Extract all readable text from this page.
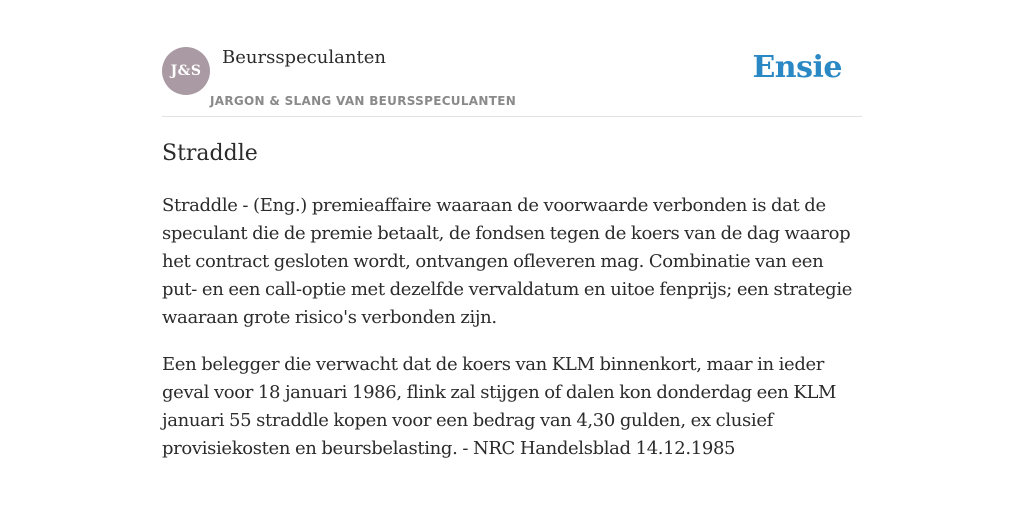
J&S
Beursspeculanten
JARGON & SLANG VAN BEURSSPECULANTEN
Ensie
Straddle

Straddle - (Eng.) premieaffaire waaraan de voorwaarde verbonden is dat de speculant die de premie betaalt, de fondsen tegen de koers van de dag waarop het contract gesloten wordt, ontvangen ofleveren mag. Combinatie van een put- en een call-optie met dezelfde vervaldatum en uitoe fenprijs; een strategie waaraan grote risico's verbonden zijn.

Een belegger die verwacht dat de koers van KLM binnenkort, maar in ieder geval voor 18 januari 1986, flink zal stijgen of dalen kon donderdag een KLM januari 55 straddle kopen voor een bedrag van 4,30 gulden, ex clusief provisiekosten en beursbelasting. - NRC Handelsblad 14.12.1985
